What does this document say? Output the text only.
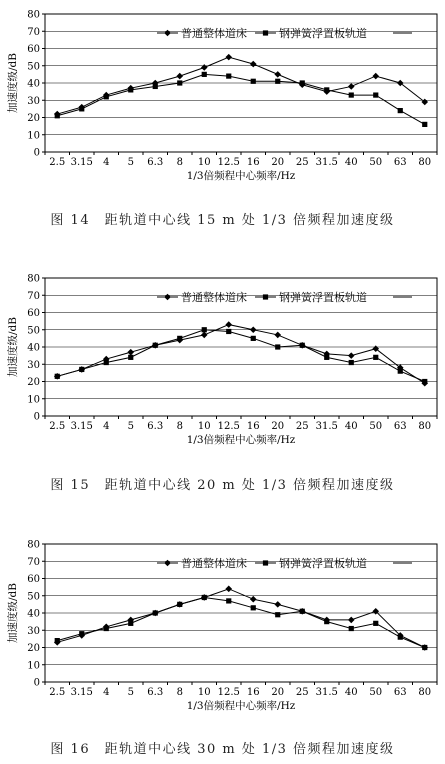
0
10
20
30
40
50
60
70
80
2.5 3.15 4 5 6.3 8 10 12.5 16 20 25 31.5 40 50 63 80
1/3倍频程中心频率/Hz
加速度级/dB
普通整体道床	钢弹簧浮置板轨道
图 14　距轨道中心线 15 m 处 1/3 倍频程加速度级
0
10
20
30
40
50
60
70
80
2.5 3.15 4 5 6.3 8 10 12.5 16 20 25 31.5 40 50 63 80
1/3倍频程中心频率/Hz
加速度级/dB
普通整体道床	钢弹簧浮置板轨道
图 15　距轨道中心线 20 m 处 1/3 倍频程加速度级
0
10
20
30
40
50
60
70
80
2.5 3.15 4 5 6.3 8 10 12.5 16 20 25 31.5 40 50 63 80
1/3倍频程中心频率/Hz
加速度级/dB
普通整体道床	钢弹簧浮置板轨道
图 16　距轨道中心线 30 m 处 1/3 倍频程加速度级
